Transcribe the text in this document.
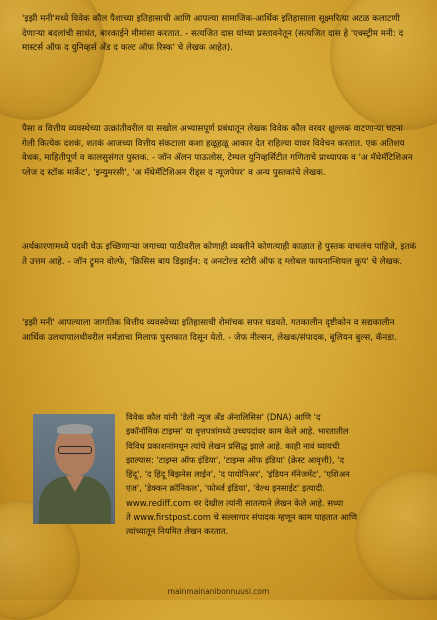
'इझी मनी'मध्ये विवेक कौल पैशाच्या इतिहासाची आणि आपल्या सामाजिक-आर्थिक इतिहासाला सूक्ष्मरित्या अटळ कलाटणी देणाऱ्या बदलांची साधंत, बारकाईने मीमांसा करतात. - सत्यजित दास यांच्या प्रस्तावनेतून (सत्यजित दास हे 'एक्स्ट्रीम मनी: द मास्टर्स ऑफ द युनिव्हर्स अँड द कल्ट ऑफ रिस्क' चे लेखक आहेत).
पैसा व वित्तीय व्यवस्थेच्या उत्क्रांतीवरील या सखोल अभ्यासपूर्ण प्रबंधातून लेखक विवेक कौल वरवर क्षुल्लक वाटणाऱ्या घटना गेली कित्येक दशकं, शतकं आजच्या वित्तीय संकटाला कशा हळूहळू आकार देत राहिल्या यावर विवेचन करतात. एक अतिशय वेधक, माहितीपूर्ण व कालसुसंगत पुस्तक. - जॉन ॲलन पाऊलोस, टेम्पल युनिव्हर्सिटीत गणिताचे प्राध्यापक व 'अ मॅथेमॅटिशिअन प्लेज द स्टॉक मार्केट', 'इन्युमरसी', 'अ मॅथेमॅटिशिअन रीड्स द न्यूजपेपर' व अन्य पुस्तकांचे लेखक.
अर्थकारणामध्ये पदवी घेऊ इच्छिणाऱ्या जगाच्या पाठीवरील कोणाही व्यक्तीने कोणत्याही काळात हे पुस्तक वाचलंच पाहिजे, इतकं ते उत्तम आहे. - जॉन ट्रूमन वोल्फे, 'क्रिसिस बाय डिझाईन: द अनटोल्ड स्टोरी ऑफ द ग्लोबल फायनान्शियल कूप' चे लेखक.
'इझी मनी' आपल्याला जागतिक वित्तीय व्यवस्थेच्या इतिहासाची रोमांचक सफर घडवते. गतकालीन दृष्टीकोन व सद्यकालीन आर्थिक उलथापालथीवरील मर्मज्ञाचा मिलाफ पुस्तकात दिसून येतो. - जेफ नील्सन, लेखक/संपादक, बूलियन बुल्स, कॅनडा.
विवेक कौल यांनी 'डेली न्यूज अँड ॲनालिसिस' (DNA) आणि 'द
इकॉनॉमिक टाइम्स' या वृत्तपत्रांमध्ये उच्चपदांवर काम केले आहे. भारतातील
विविध प्रकाशनांमधून त्यांचे लेखन प्रसिद्ध झाले आहे. काही नावं घ्यायची
झाल्यास: 'टाइम्स ऑफ इंडिया', 'टाइम्स ऑफ इंडिया' (क्रेस्ट आवृत्ती), 'द
हिंदू', 'द हिंदू बिझनेस लाईन', 'द पायोनिअर', 'इंडियन मॅनेजमेंट', 'एशिअन
एज', 'डेक्कन क्रॉनिकल', 'फोर्ब्ज इंडिया', 'वेल्थ इनसाईट' इत्यादी.
www.rediff.com वर देखील त्यांनी सातत्याने लेखन केले आहे. सध्या
ते www.firstpost.com चे सल्लागार संपादक म्हणून काम पाहतात आणि
त्यांच्यातून नियमित लेखन करतात.
mainmainanibonnuusi.com
